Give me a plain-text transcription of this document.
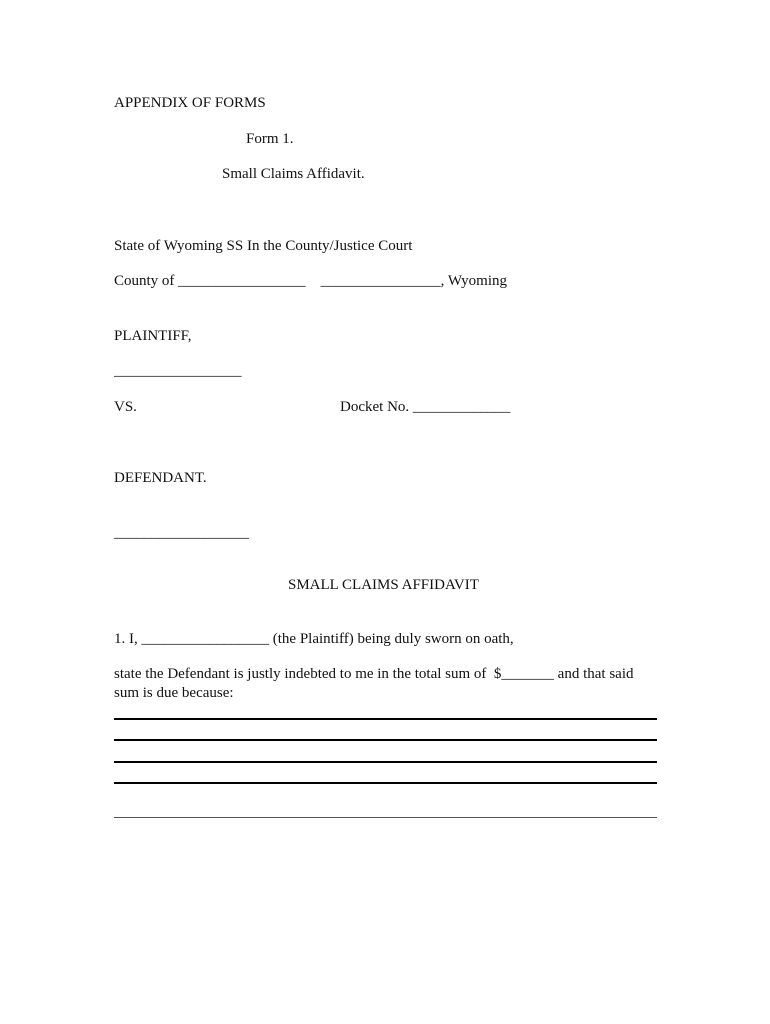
APPENDIX OF FORMS
Form 1.
Small Claims Affidavit.
State of Wyoming SS In the County/Justice Court
County of _________________    ________________, Wyoming
PLAINTIFF,
_________________
VS.	Docket No. _____________
DEFENDANT.
__________________
SMALL CLAIMS AFFIDAVIT
1. I, _________________ (the Plaintiff) being duly sworn on oath,
state the Defendant is justly indebted to me in the total sum of  $_______ and that said
sum is due because:
